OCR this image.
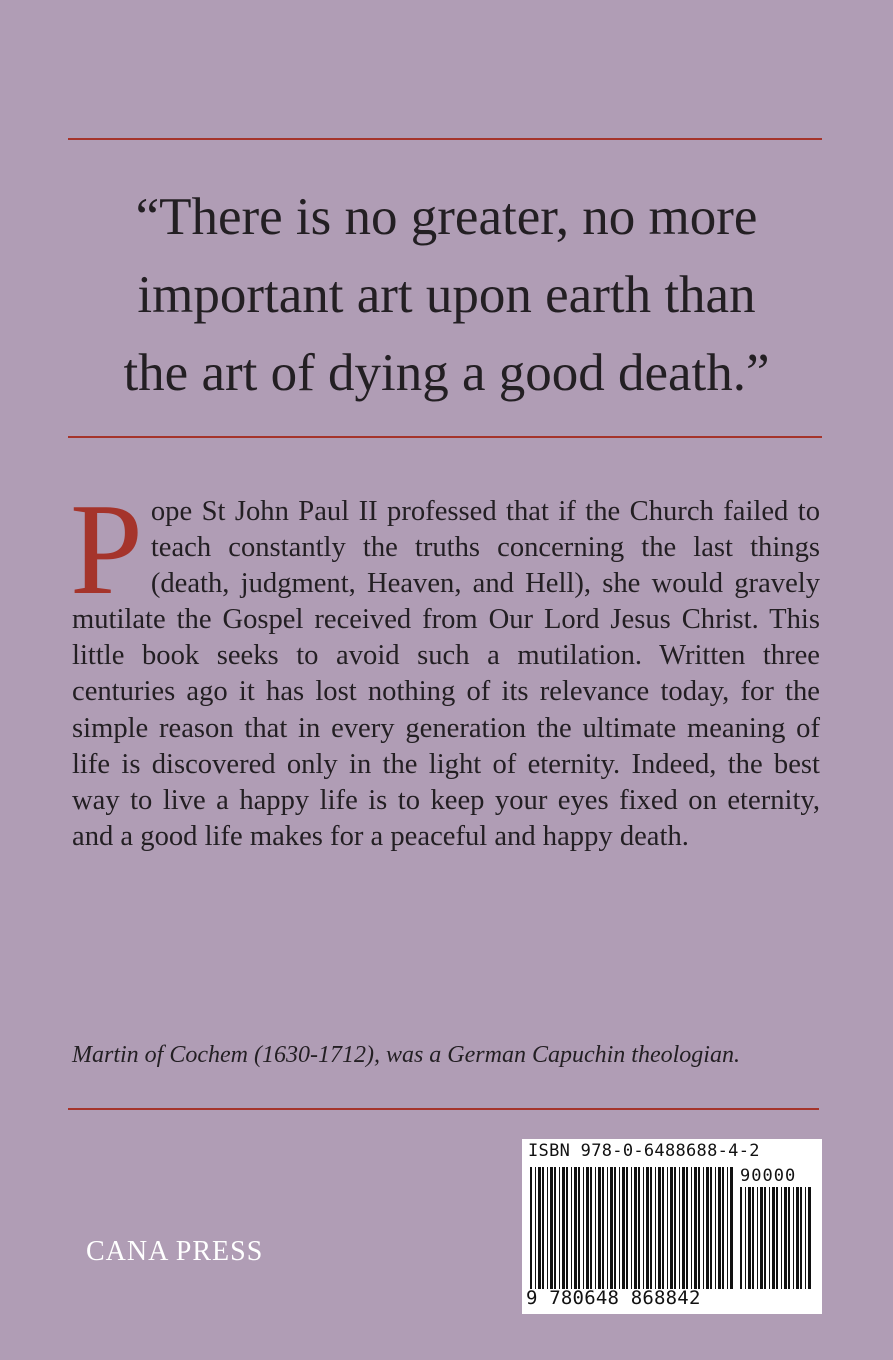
“There is no greater, no more
important art upon earth than
the art of dying a good death.”
P ope St John Paul II professed that if the Church failed to teach constantly the truths concerning the last things (death, judgment, Heaven, and Hell), she would gravely mutilate the Gospel received from Our Lord Jesus Christ. This little book seeks to avoid such a mutilation. Written three centuries ago it has lost nothing of its relevance today, for the simple reason that in every generation the ultimate meaning of life is discovered only in the light of eternity. Indeed, the best way to live a happy life is to keep your eyes fixed on eternity, and a good life makes for a peaceful and happy death.
Martin of Cochem (1630-1712), was a German Capuchin theologian.
CANA PRESS
ISBN 978-0-6488688-4-2
90000
9 780648 868842
